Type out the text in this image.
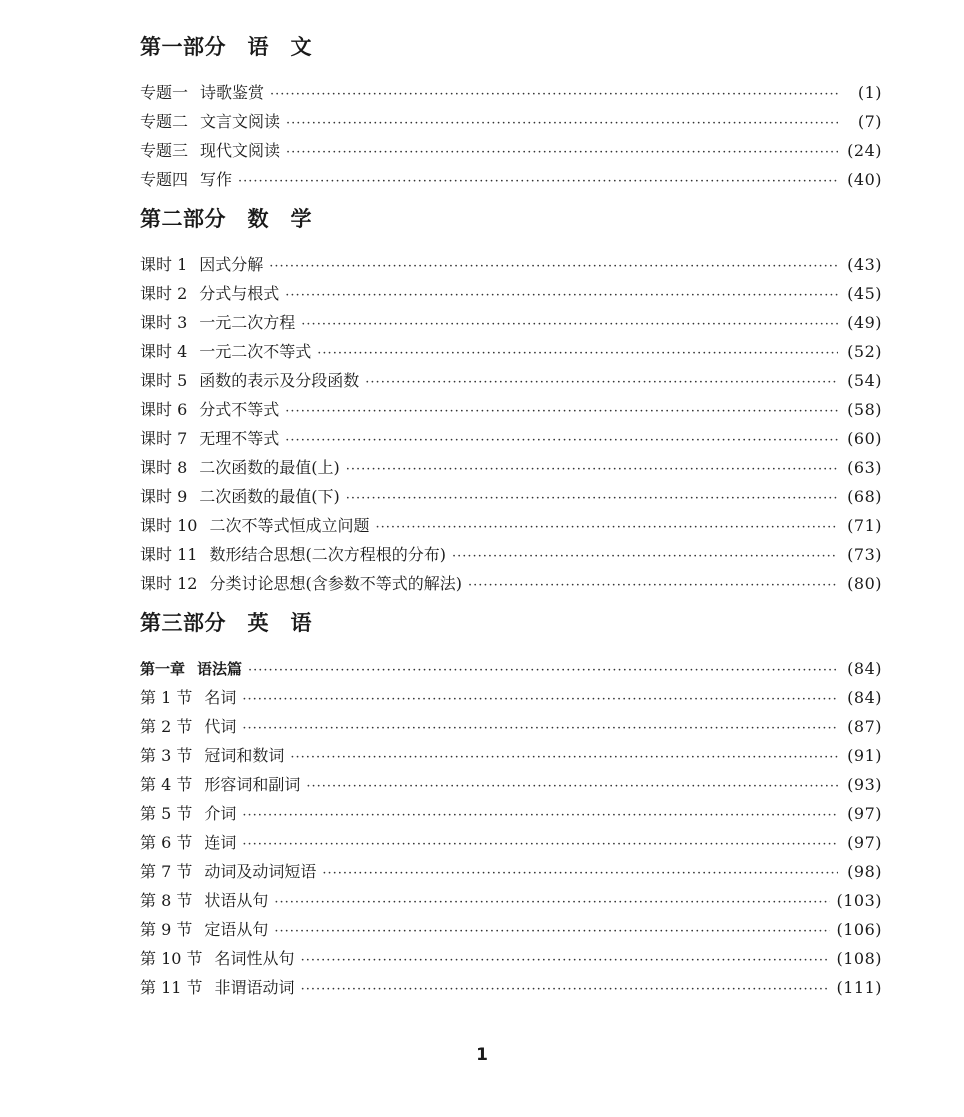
第一部分　语　文
专题一 诗歌鉴赏 ·····	(1)
专题二 文言文阅读 ·····	(7)
专题三 现代文阅读 ·····	(24)
专题四 写作 ·····	(40)
第二部分　数　学
课时 1 因式分解 ·····	(43)
课时 2 分式与根式 ·····	(45)
课时 3 一元二次方程 ·····	(49)
课时 4 一元二次不等式 ·····	(52)
课时 5 函数的表示及分段函数 ·····	(54)
课时 6 分式不等式 ·····	(58)
课时 7 无理不等式 ·····	(60)
课时 8 二次函数的最值(上) ·····	(63)
课时 9 二次函数的最值(下) ·····	(68)
课时 10 二次不等式恒成立问题 ·····	(71)
课时 11 数形结合思想(二次方程根的分布) ·····	(73)
课时 12 分类讨论思想(含参数不等式的解法) ·····	(80)
第三部分　英　语
第一章 语法篇 ·····	(84)
第 1 节 名词 ·····	(84)
第 2 节 代词 ·····	(87)
第 3 节 冠词和数词 ·····	(91)
第 4 节 形容词和副词 ·····	(93)
第 5 节 介词 ·····	(97)
第 6 节 连词 ·····	(97)
第 7 节 动词及动词短语 ·····	(98)
第 8 节 状语从句 ·····	(103)
第 9 节 定语从句 ·····	(106)
第 10 节 名词性从句 ·····	(108)
第 11 节 非谓语动词 ·····	(111)
1
